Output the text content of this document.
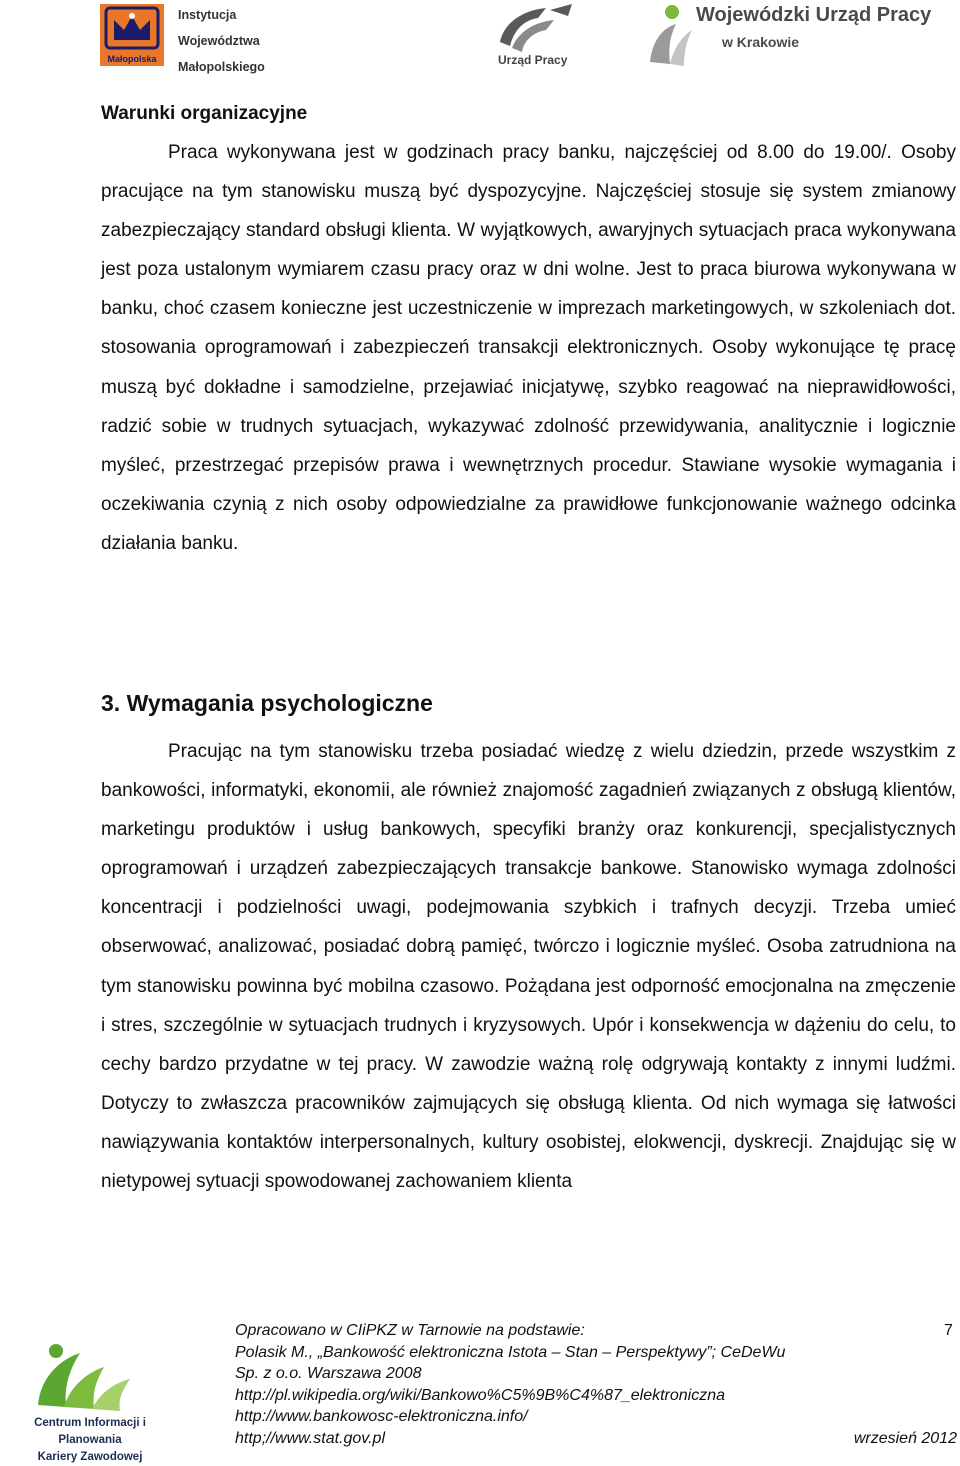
Małopolska
Instytucja
Województwa
Małopolskiego	Urząd Pracy
Wojewódzki Urząd Pracy
w Krakowie
Warunki organizacyjne

Praca wykonywana jest w godzinach pracy banku, najczęściej od 8.00 do 19.00/. Osoby pracujące na tym stanowisku muszą być dyspozycyjne. Najczęściej stosuje się system zmianowy zabezpieczający standard obsługi klienta. W wyjątkowych, awaryjnych sytuacjach praca wykonywana jest poza ustalonym wymiarem czasu pracy oraz w dni wolne. Jest to praca biurowa wykonywana w banku, choć czasem konieczne jest uczestniczenie w imprezach marketingowych, w szkoleniach dot. stosowania oprogramowań i zabezpieczeń transakcji elektronicznych. Osoby wykonujące tę pracę muszą być dokładne i samodzielne, przejawiać inicjatywę, szybko reagować na nieprawidłowości, radzić sobie w trudnych sytuacjach, wykazywać zdolność przewidywania, analitycznie i logicznie myśleć, przestrzegać przepisów prawa i wewnętrznych procedur. Stawiane wysokie wymagania i oczekiwania czynią z nich osoby odpowiedzialne za prawidłowe funkcjonowanie ważnego odcinka działania banku.

3. Wymagania psychologiczne

Pracując na tym stanowisku trzeba posiadać wiedzę z wielu dziedzin, przede wszystkim z bankowości, informatyki, ekonomii, ale również znajomość zagadnień związanych z obsługą klientów, marketingu produktów i usług bankowych, specyfiki branży oraz konkurencji, specjalistycznych oprogramowań i urządzeń zabezpieczających transakcje bankowe. Stanowisko wymaga zdolności koncentracji i podzielności uwagi, podejmowania szybkich i trafnych decyzji. Trzeba umieć obserwować, analizować, posiadać dobrą pamięć, twórczo i logicznie myśleć. Osoba zatrudniona na tym stanowisku powinna być mobilna czasowo. Pożądana jest odporność emocjonalna na zmęczenie i stres, szczególnie w sytuacjach trudnych i kryzysowych. Upór i konsekwencja w dążeniu do celu, to cechy bardzo przydatne w tej pracy. W zawodzie ważną rolę odgrywają kontakty z innymi ludźmi. Dotyczy to zwłaszcza pracowników zajmujących się obsługą klienta. Od nich wymaga się łatwości nawiązywania kontaktów interpersonalnych, kultury osobistej, elokwencji, dyskrecji. Znajdując się w nietypowej sytuacji spowodowanej zachowaniem klienta

Centrum Informacji i Planowania
Kariery Zawodowej
Opracowano w CIiPKZ w Tarnowie na podstawie:
Polasik M., „Bankowość elektroniczna Istota – Stan – Perspektywy”; CeDeWu
Sp. z o.o. Warszawa 2008
http://pl.wikipedia.org/wiki/Bankowo%C5%9B%C4%87_elektroniczna
http://www.bankowosc-elektroniczna.info/
http;//www.stat.gov.pl
7
wrzesień 2012
